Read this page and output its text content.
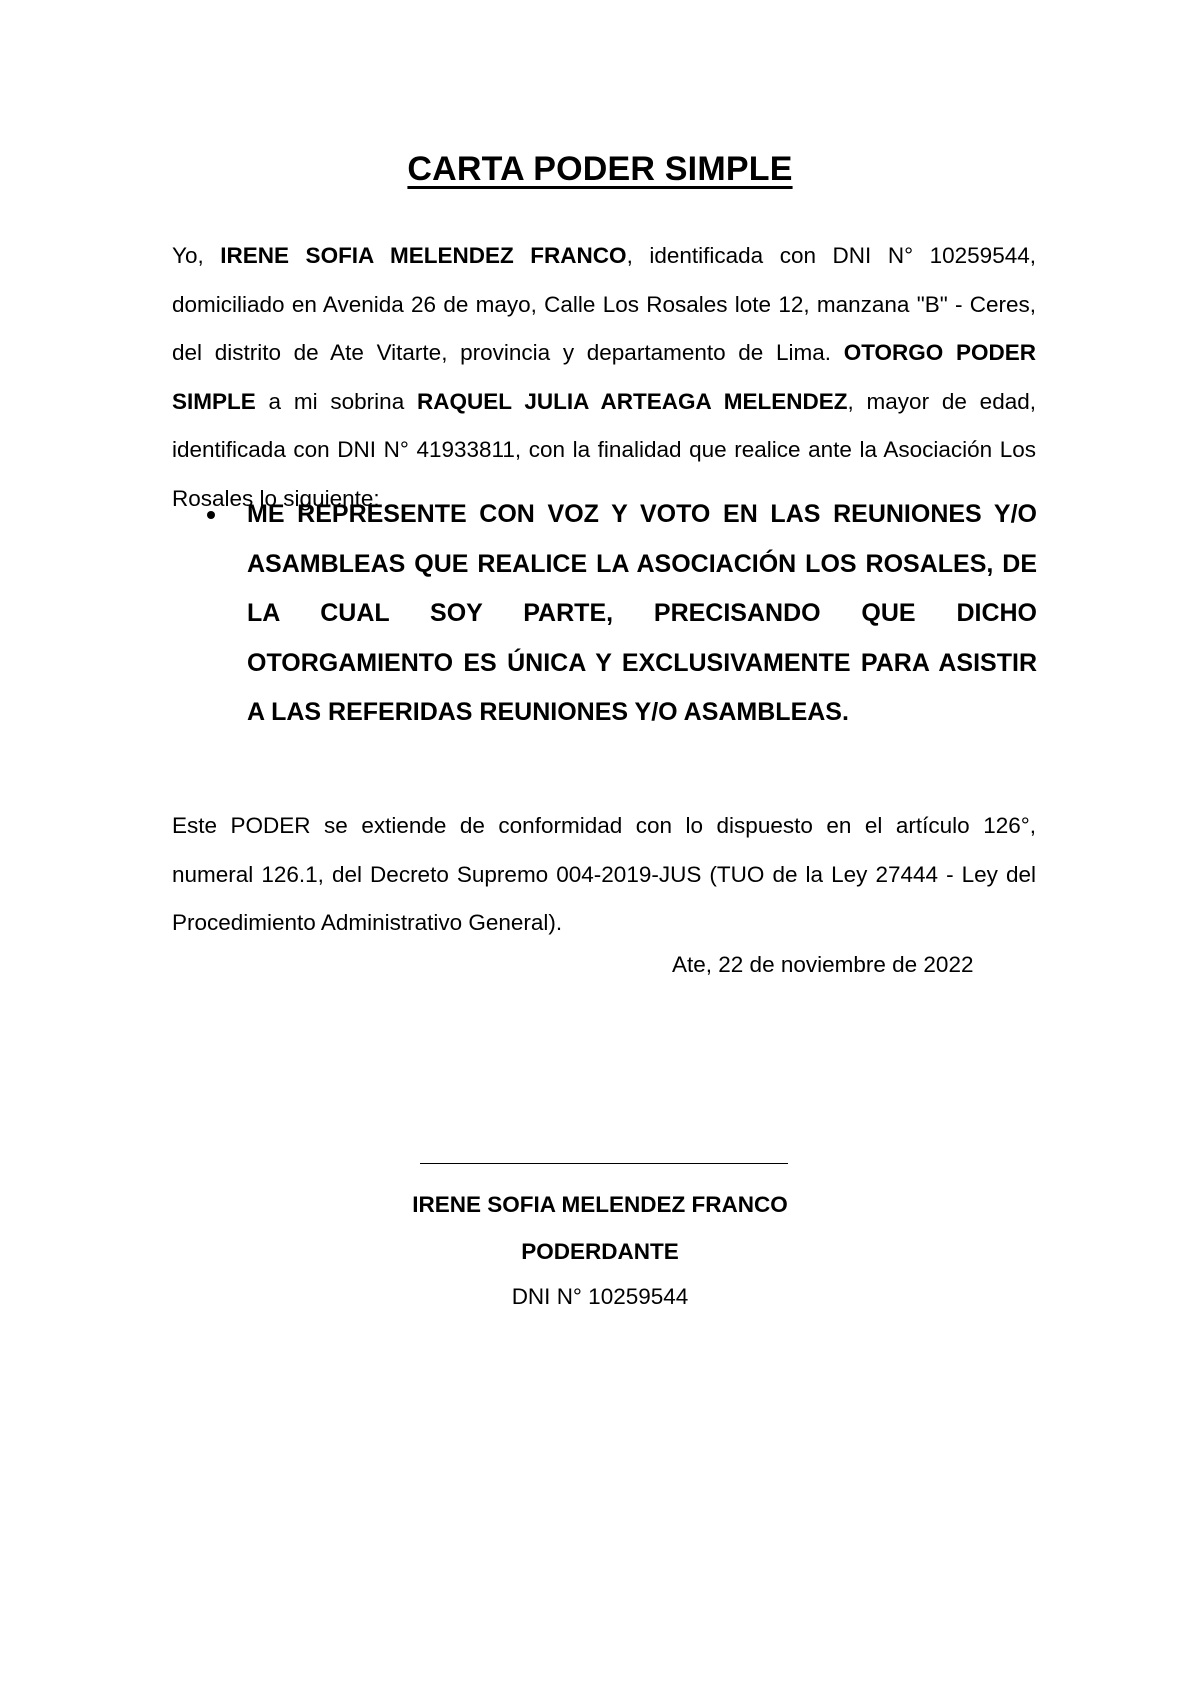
CARTA PODER SIMPLE
Yo, IRENE SOFIA MELENDEZ FRANCO, identificada con DNI N° 10259544, domiciliado en Avenida 26 de mayo, Calle Los Rosales lote 12, manzana "B" - Ceres, del distrito de Ate Vitarte, provincia y departamento de Lima. OTORGO PODER SIMPLE a mi sobrina RAQUEL JULIA ARTEAGA MELENDEZ, mayor de edad, identificada con DNI N° 41933811, con la finalidad que realice ante la Asociación Los Rosales lo siguiente:
ME REPRESENTE CON VOZ Y VOTO EN LAS REUNIONES Y/O ASAMBLEAS QUE REALICE LA ASOCIACIÓN LOS ROSALES, DE LA CUAL SOY PARTE, PRECISANDO QUE DICHO OTORGAMIENTO ES ÚNICA Y EXCLUSIVAMENTE PARA ASISTIR A LAS REFERIDAS REUNIONES Y/O ASAMBLEAS.
Este PODER se extiende de conformidad con lo dispuesto en el artículo 126°, numeral 126.1, del Decreto Supremo 004-2019-JUS (TUO de la Ley 27444 - Ley del Procedimiento Administrativo General).
Ate, 22 de noviembre de 2022
IRENE SOFIA MELENDEZ FRANCO
PODERDANTE
DNI N° 10259544
